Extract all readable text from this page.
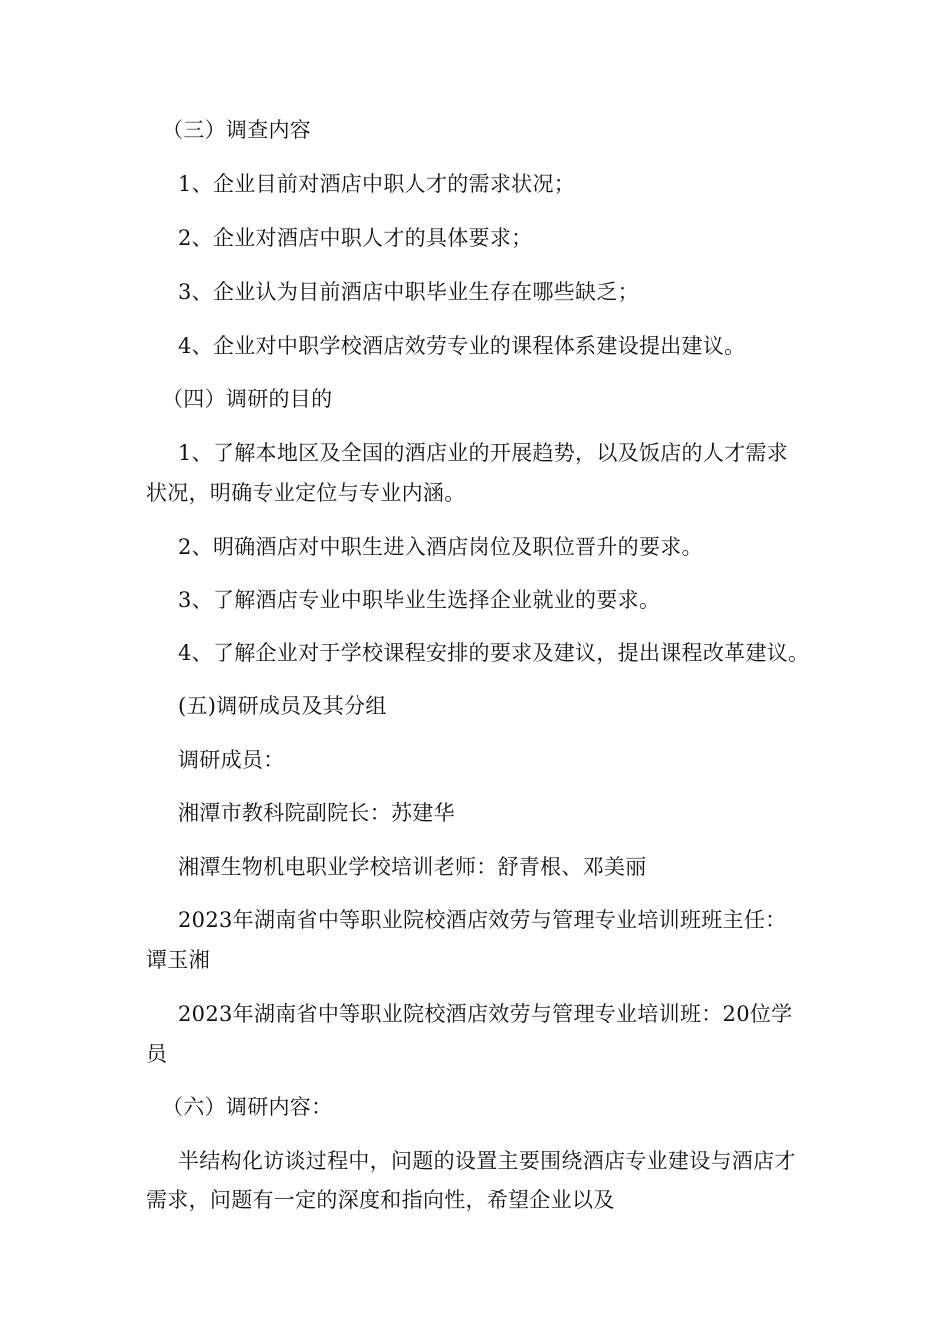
（三）调查内容

1、企业目前对酒店中职人才的需求状况；

2、企业对酒店中职人才的具体要求；

3、企业认为目前酒店中职毕业生存在哪些缺乏；

4、企业对中职学校酒店效劳专业的课程体系建设提出建议。

（四）调研的目的

1、了解本地区及全国的酒店业的开展趋势，以及饭店的人才需求

状况，明确专业定位与专业内涵。

2、明确酒店对中职生进入酒店岗位及职位晋升的要求。

3、了解酒店专业中职毕业生选择企业就业的要求。

4、了解企业对于学校课程安排的要求及建议，提出课程改革建议。

(五)调研成员及其分组

调研成员：

湘潭市教科院副院长：苏建华

湘潭生物机电职业学校培训老师：舒青根、邓美丽

2023年湖南省中等职业院校酒店效劳与管理专业培训班班主任：

谭玉湘

2023年湖南省中等职业院校酒店效劳与管理专业培训班：20位学

员

（六）调研内容：

半结构化访谈过程中，问题的设置主要围绕酒店专业建设与酒店才

需求，问题有一定的深度和指向性，希望企业以及
